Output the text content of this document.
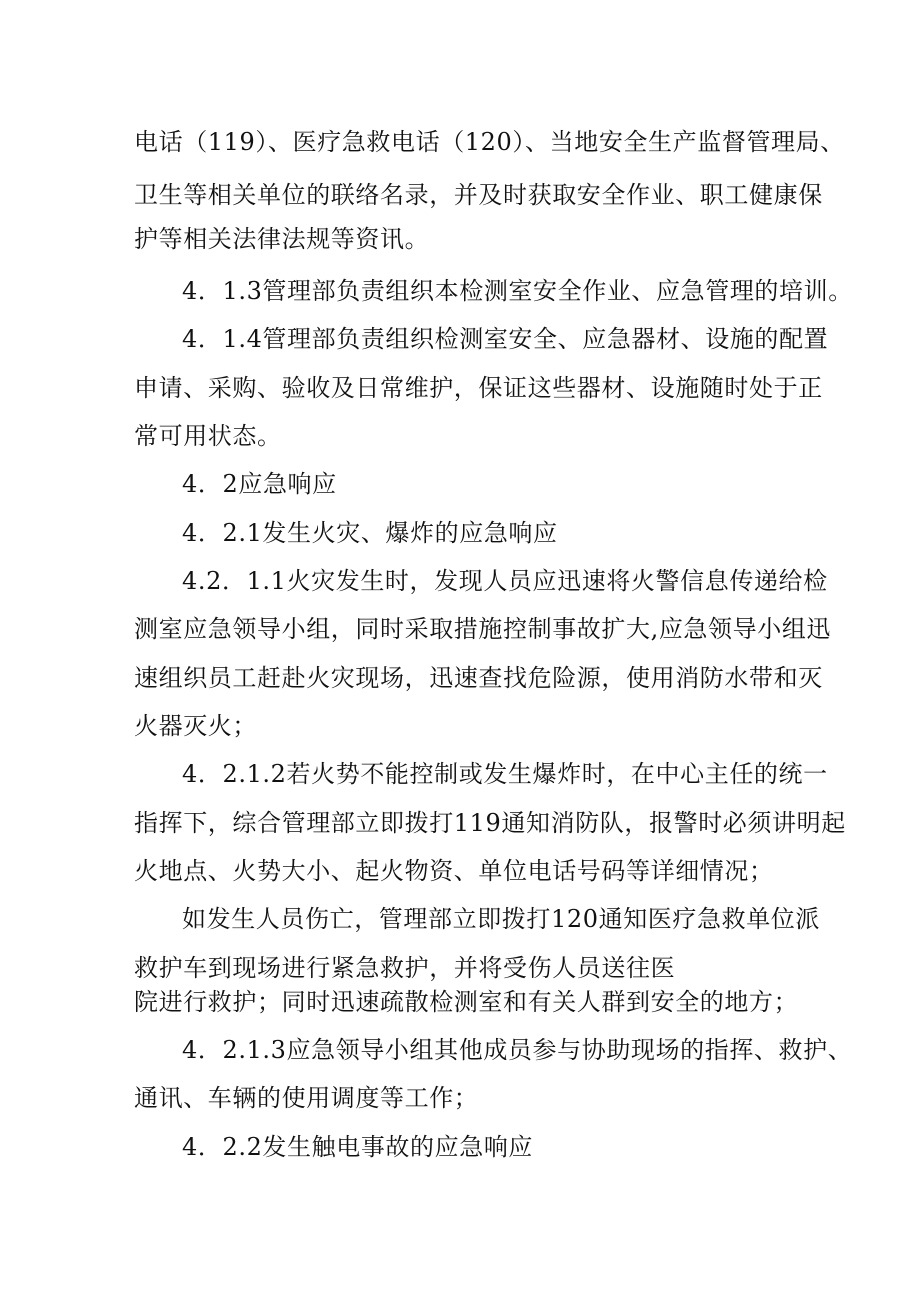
电话（119）、医疗急救电话（120）、当地安全生产监督管理局、
卫生等相关单位的联络名录，并及时获取安全作业、职工健康保
护等相关法律法规等资讯。
4．1.3管理部负责组织本检测室安全作业、应急管理的培训。
4．1.4管理部负责组织检测室安全、应急器材、设施的配置
申请、采购、验收及日常维护，保证这些器材、设施随时处于正
常可用状态。
4．2应急响应
4．2.1发生火灾、爆炸的应急响应
4.2．1.1火灾发生时，发现人员应迅速将火警信息传递给检
测室应急领导小组，同时采取措施控制事故扩大,应急领导小组迅
速组织员工赶赴火灾现场，迅速查找危险源，使用消防水带和灭
火器灭火；
4．2.1.2若火势不能控制或发生爆炸时，在中心主任的统一
指挥下，综合管理部立即拨打119通知消防队，报警时必须讲明起
火地点、火势大小、起火物资、单位电话号码等详细情况；
如发生人员伤亡，管理部立即拨打120通知医疗急救单位派
救护车到现场进行紧急救护，并将受伤人员送往医
院进行救护；同时迅速疏散检测室和有关人群到安全的地方；
4．2.1.3应急领导小组其他成员参与协助现场的指挥、救护、
通讯、车辆的使用调度等工作；
4．2.2发生触电事故的应急响应
